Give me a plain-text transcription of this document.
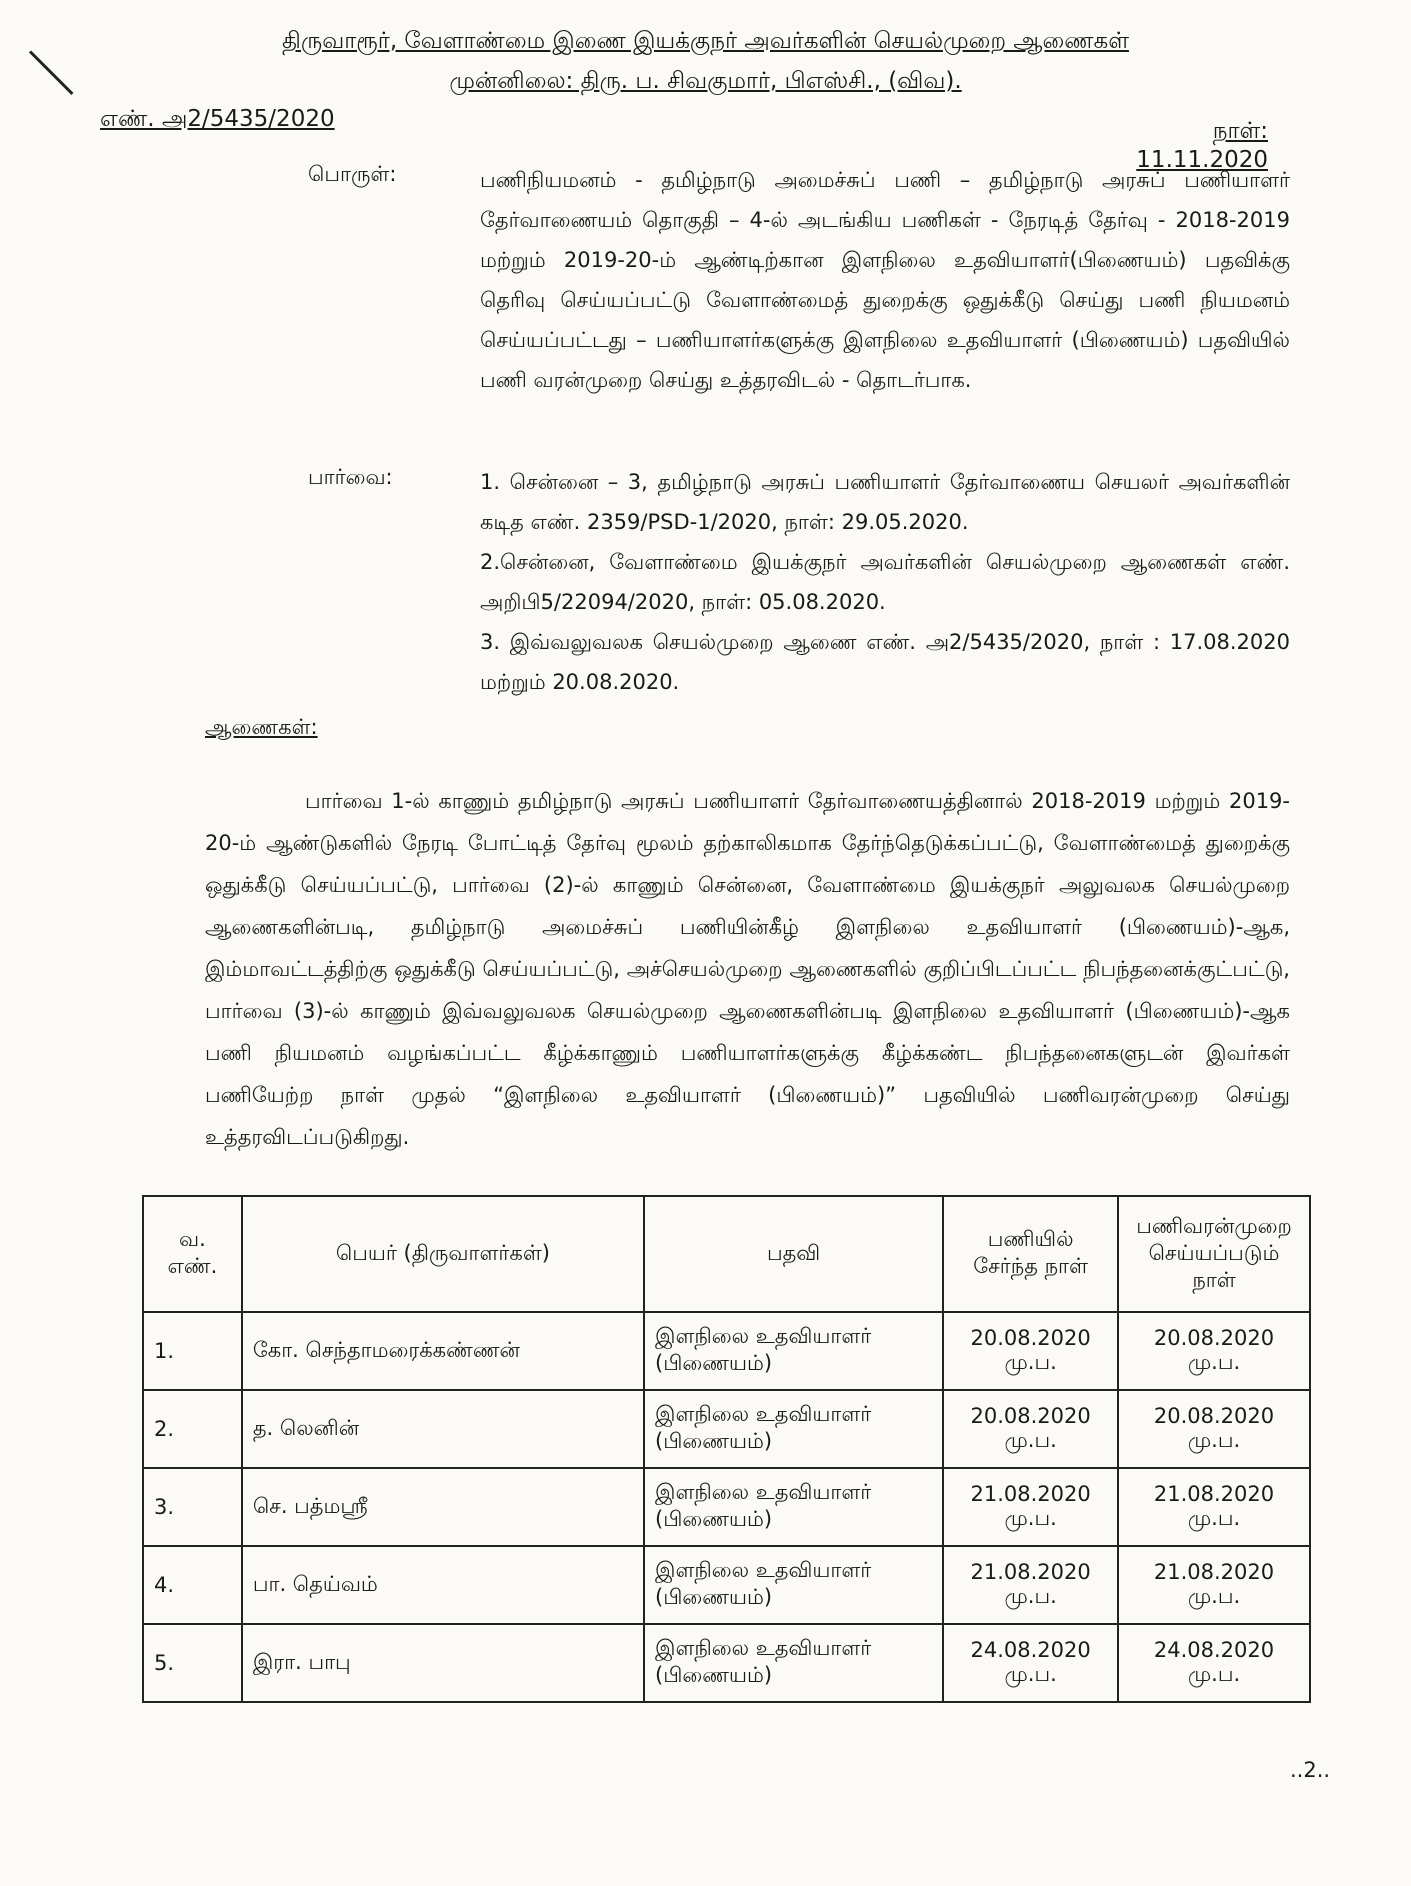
திருவாரூர், வேளாண்மை இணை இயக்குநர் அவர்களின் செயல்முறை ஆணைகள்
முன்னிலை: திரு. ப. சிவகுமார், பிஎஸ்சி., (விவ).
எண். அ2/5435/2020	நாள்: 11.11.2020
பொருள்:	பணிநியமனம் - தமிழ்நாடு அமைச்சுப் பணி – தமிழ்நாடு அரசுப் பணியாளர் தேர்வாணையம் தொகுதி – 4-ல் அடங்கிய பணிகள் - நேரடித் தேர்வு - 2018-2019 மற்றும் 2019-20-ம் ஆண்டிற்கான இளநிலை உதவியாளர்(பிணையம்) பதவிக்கு தெரிவு செய்யப்பட்டு வேளாண்மைத் துறைக்கு ஒதுக்கீடு செய்து பணி நியமனம் செய்யப்பட்டது – பணியாளர்களுக்கு இளநிலை உதவியாளர் (பிணையம்) பதவியில் பணி வரன்முறை செய்து உத்தரவிடல் - தொடர்பாக.
பார்வை:	1. சென்னை – 3, தமிழ்நாடு அரசுப் பணியாளர் தேர்வாணைய செயலர் அவர்களின் கடித எண். 2359/PSD-1/2020, நாள்: 29.05.2020.
2.சென்னை, வேளாண்மை இயக்குநர் அவர்களின் செயல்முறை ஆணைகள் எண். அறிபி5/22094/2020, நாள்: 05.08.2020.
3. இவ்வலுவலக செயல்முறை ஆணை எண். அ2/5435/2020, நாள் : 17.08.2020 மற்றும் 20.08.2020.
ஆணைகள்:
பார்வை 1-ல் காணும் தமிழ்நாடு அரசுப் பணியாளர் தேர்வாணையத்தினால் 2018-2019 மற்றும் 2019-20-ம் ஆண்டுகளில் நேரடி போட்டித் தேர்வு மூலம் தற்காலிகமாக தேர்ந்தெடுக்கப்பட்டு, வேளாண்மைத் துறைக்கு ஒதுக்கீடு செய்யப்பட்டு, பார்வை (2)-ல் காணும் சென்னை, வேளாண்மை இயக்குநர் அலுவலக செயல்முறை ஆணைகளின்படி, தமிழ்நாடு அமைச்சுப் பணியின்கீழ் இளநிலை உதவியாளர் (பிணையம்)-ஆக, இம்மாவட்டத்திற்கு ஒதுக்கீடு செய்யப்பட்டு, அச்செயல்முறை ஆணைகளில் குறிப்பிடப்பட்ட நிபந்தனைக்குட்பட்டு, பார்வை (3)-ல் காணும் இவ்வலுவலக செயல்முறை ஆணைகளின்படி இளநிலை உதவியாளர் (பிணையம்)-ஆக பணி நியமனம் வழங்கப்பட்ட கீழ்க்காணும் பணியாளர்களுக்கு கீழ்க்கண்ட நிபந்தனைகளுடன் இவர்கள் பணியேற்ற நாள் முதல் “இளநிலை உதவியாளர் (பிணையம்)” பதவியில் பணிவரன்முறை செய்து உத்தரவிடப்படுகிறது.
வ. எண்.	பெயர் (திருவாளர்கள்)	பதவி	பணியில் சேர்ந்த நாள்	பணிவரன்முறை செய்யப்படும் நாள்
1.	கோ. செந்தாமரைக்கண்ணன்	இளநிலை உதவியாளர் (பிணையம்)	20.08.2020 மு.ப.	20.08.2020 மு.ப.
2.	த. லெனின்	இளநிலை உதவியாளர் (பிணையம்)	20.08.2020 மு.ப.	20.08.2020 மு.ப.
3.	செ. பத்மஸ்ரீ	இளநிலை உதவியாளர் (பிணையம்)	21.08.2020 மு.ப.	21.08.2020 மு.ப.
4.	பா. தெய்வம்	இளநிலை உதவியாளர் (பிணையம்)	21.08.2020 மு.ப.	21.08.2020 மு.ப.
5.	இரா. பாபு	இளநிலை உதவியாளர் (பிணையம்)	24.08.2020 மு.ப.	24.08.2020 மு.ப.
..2..
